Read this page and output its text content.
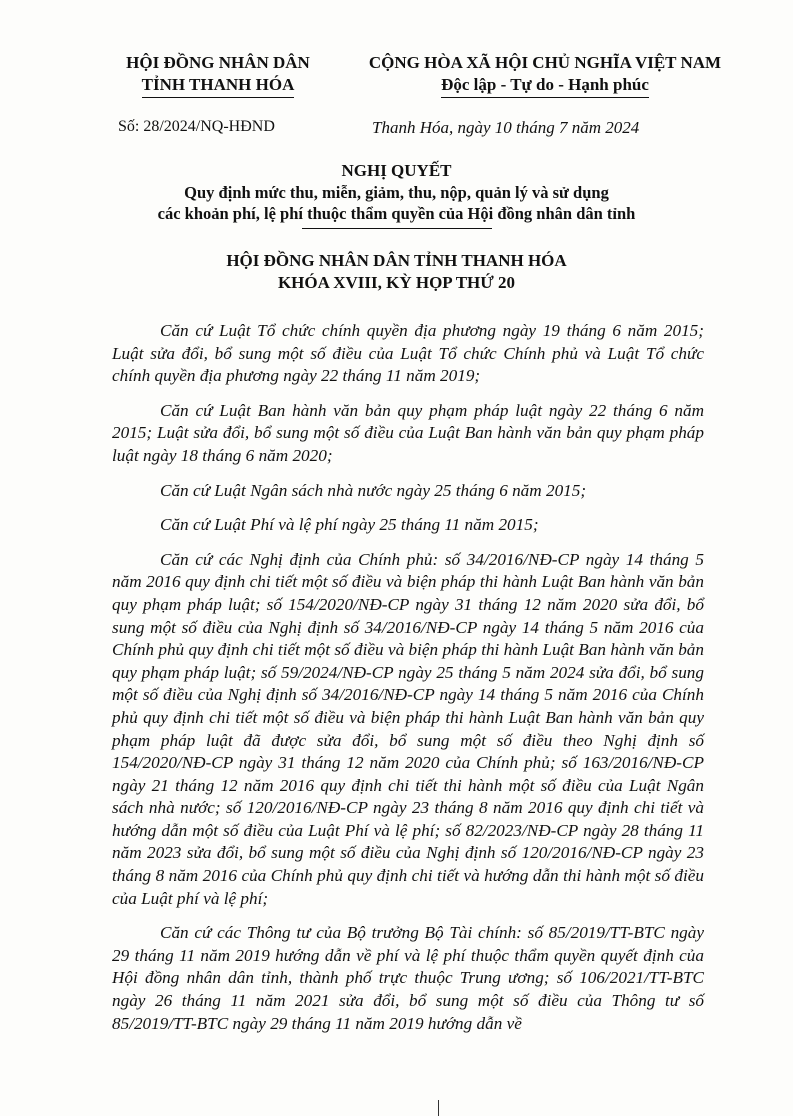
HỘI ĐỒNG NHÂN DÂN
TỈNH THANH HÓA
CỘNG HÒA XÃ HỘI CHỦ NGHĨA VIỆT NAM
Độc lập - Tự do - Hạnh phúc
Số: 28/2024/NQ-HĐND	Thanh Hóa, ngày 10 tháng 7 năm 2024
NGHỊ QUYẾT
Quy định mức thu, miễn, giảm, thu, nộp, quản lý và sử dụng
các khoản phí, lệ phí thuộc thẩm quyền của Hội đồng nhân dân tỉnh
HỘI ĐỒNG NHÂN DÂN TỈNH THANH HÓA
KHÓA XVIII, KỲ HỌP THỨ 20

Căn cứ Luật Tổ chức chính quyền địa phương ngày 19 tháng 6 năm 2015; Luật sửa đổi, bổ sung một số điều của Luật Tổ chức Chính phủ và Luật Tổ chức chính quyền địa phương ngày 22 tháng 11 năm 2019;

Căn cứ Luật Ban hành văn bản quy phạm pháp luật ngày 22 tháng 6 năm 2015; Luật sửa đổi, bổ sung một số điều của Luật Ban hành văn bản quy phạm pháp luật ngày 18 tháng 6 năm 2020;

Căn cứ Luật Ngân sách nhà nước ngày 25 tháng 6 năm 2015;

Căn cứ Luật Phí và lệ phí ngày 25 tháng 11 năm 2015;

Căn cứ các Nghị định của Chính phủ: số 34/2016/NĐ-CP ngày 14 tháng 5 năm 2016 quy định chi tiết một số điều và biện pháp thi hành Luật Ban hành văn bản quy phạm pháp luật; số 154/2020/NĐ-CP ngày 31 tháng 12 năm 2020 sửa đổi, bổ sung một số điều của Nghị định số 34/2016/NĐ-CP ngày 14 tháng 5 năm 2016 của Chính phủ quy định chi tiết một số điều và biện pháp thi hành Luật Ban hành văn bản quy phạm pháp luật; số 59/2024/NĐ-CP ngày 25 tháng 5 năm 2024 sửa đổi, bổ sung một số điều của Nghị định số 34/2016/NĐ-CP ngày 14 tháng 5 năm 2016 của Chính phủ quy định chi tiết một số điều và biện pháp thi hành Luật Ban hành văn bản quy phạm pháp luật đã được sửa đổi, bổ sung một số điều theo Nghị định số 154/2020/NĐ-CP ngày 31 tháng 12 năm 2020 của Chính phủ; số 163/2016/NĐ-CP ngày 21 tháng 12 năm 2016 quy định chi tiết thi hành một số điều của Luật Ngân sách nhà nước; số 120/2016/NĐ-CP ngày 23 tháng 8 năm 2016 quy định chi tiết và hướng dẫn một số điều của Luật Phí và lệ phí; số 82/2023/NĐ-CP ngày 28 tháng 11 năm 2023 sửa đổi, bổ sung một số điều của Nghị định số 120/2016/NĐ-CP ngày 23 tháng 8 năm 2016 của Chính phủ quy định chi tiết và hướng dẫn thi hành một số điều của Luật phí và lệ phí;

Căn cứ các Thông tư của Bộ trưởng Bộ Tài chính: số 85/2019/TT-BTC ngày 29 tháng 11 năm 2019 hướng dẫn về phí và lệ phí thuộc thẩm quyền quyết định của Hội đồng nhân dân tỉnh, thành phố trực thuộc Trung ương; số 106/2021/TT-BTC ngày 26 tháng 11 năm 2021 sửa đổi, bổ sung một số điều của Thông tư số 85/2019/TT-BTC ngày 29 tháng 11 năm 2019 hướng dẫn về
